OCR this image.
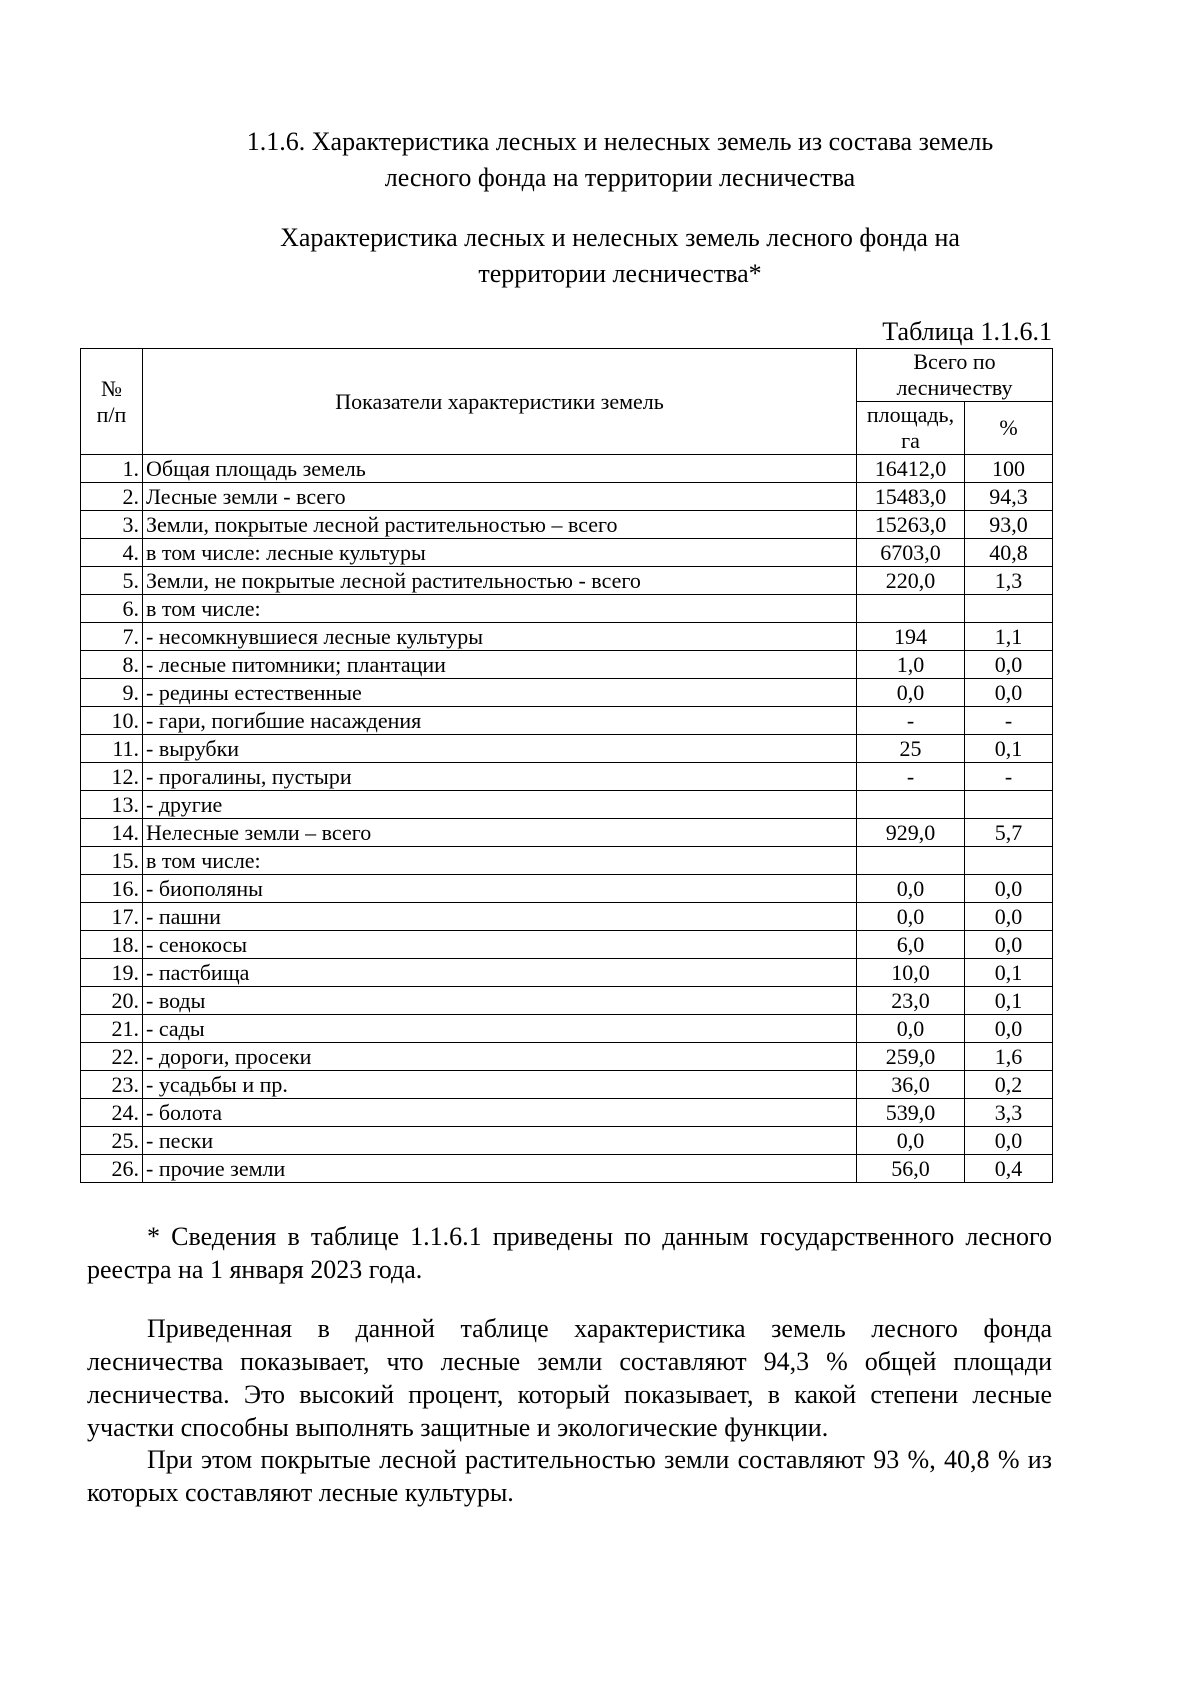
1.1.6. Характеристика лесных и нелесных земель из состава земель
лесного фонда на территории лесничества
Характеристика лесных и нелесных земель лесного фонда на
территории лесничества*
Таблица 1.1.6.1
№
п/п	Показатели характеристики земель	Всего по
лесничеству	
		площадь,
га	%
1.	Общая площадь земель	16412,0	100
2.	Лесные земли - всего	15483,0	94,3
3.	Земли, покрытые лесной растительностью – всего	15263,0	93,0
4.	в том числе: лесные культуры	6703,0	40,8
5.	Земли, не покрытые лесной растительностью - всего	220,0	1,3
6.	в том числе:		
7.	- несомкнувшиеся лесные культуры	194	1,1
8.	- лесные питомники; плантации	1,0	0,0
9.	- редины естественные	0,0	0,0
10.	- гари, погибшие насаждения	-	-
11.	- вырубки	25	0,1
12.	- прогалины, пустыри	-	-
13.	- другие		
14.	Нелесные земли – всего	929,0	5,7
15.	в том числе:		
16.	- биополяны	0,0	0,0
17.	- пашни	0,0	0,0
18.	- сенокосы	6,0	0,0
19.	- пастбища	10,0	0,1
20.	- воды	23,0	0,1
21.	- сады	0,0	0,0
22.	- дороги, просеки	259,0	1,6
23.	- усадьбы и пр.	36,0	0,2
24.	- болота	539,0	3,3
25.	- пески	0,0	0,0
26.	- прочие земли	56,0	0,4

* Сведения в таблице 1.1.6.1 приведены по данным государственного лесного реестра на 1 января 2023 года.

Приведенная в данной таблице характеристика земель лесного фонда лесничества показывает, что лесные земли составляют 94,3 % общей площади лесничества. Это высокий процент, который показывает, в какой степени лесные участки способны выполнять защитные и экологические функции.

При этом покрытые лесной растительностью земли составляют 93 %, 40,8 % из которых составляют лесные культуры.
